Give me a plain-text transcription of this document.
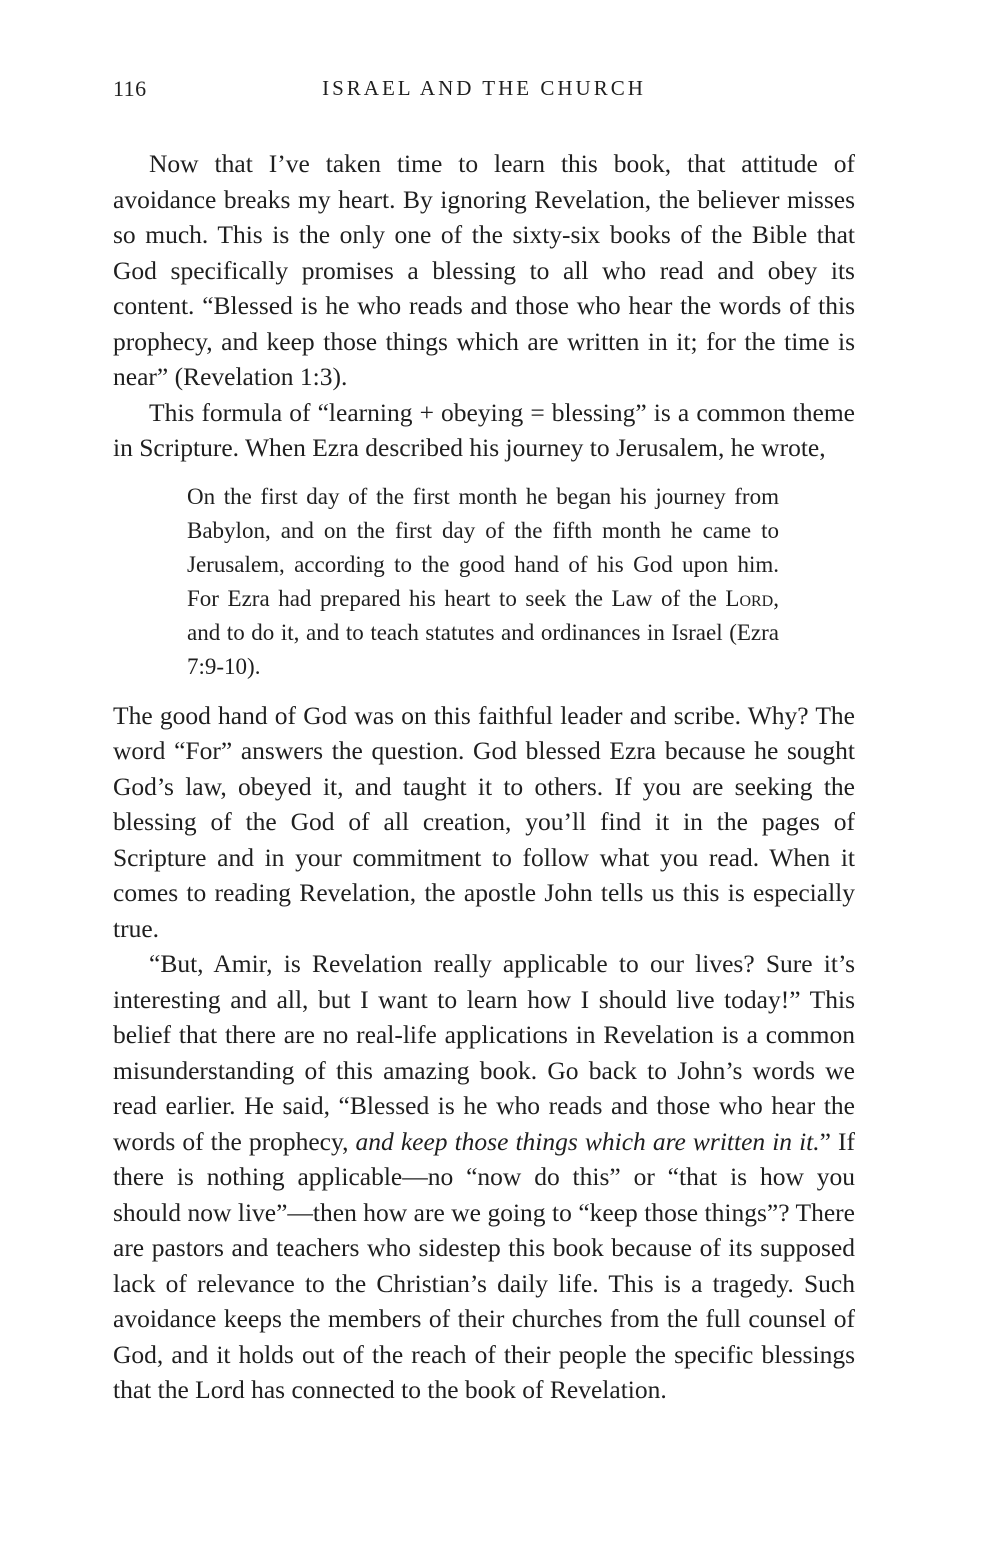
116	ISRAEL AND THE CHURCH

Now that I’ve taken time to learn this book, that attitude of avoidance breaks my heart. By ignoring Revelation, the believer misses so much. This is the only one of the sixty-six books of the Bible that God specifically promises a blessing to all who read and obey its content. “Blessed is he who reads and those who hear the words of this prophecy, and keep those things which are written in it; for the time is near” (Revelation 1:3).

This formula of “learning + obeying = blessing” is a common theme in Scripture. When Ezra described his journey to Jerusalem, he wrote,

On the first day of the first month he began his journey from Babylon, and on the first day of the fifth month he came to Jerusalem, according to the good hand of his God upon him. For Ezra had prepared his heart to seek the Law of the Lord, and to do it, and to teach statutes and ordinances in Israel (Ezra 7:9-10).

The good hand of God was on this faithful leader and scribe. Why? The word “For” answers the question. God blessed Ezra because he sought God’s law, obeyed it, and taught it to others. If you are seeking the blessing of the God of all creation, you’ll find it in the pages of Scripture and in your commitment to follow what you read. When it comes to reading Revelation, the apostle John tells us this is especially true.

“But, Amir, is Revelation really applicable to our lives? Sure it’s interesting and all, but I want to learn how I should live today!” This belief that there are no real-life applications in Revelation is a common misunderstanding of this amazing book. Go back to John’s words we read earlier. He said, “Blessed is he who reads and those who hear the words of the prophecy, and keep those things which are written in it.” If there is nothing applicable—no “now do this” or “that is how you should now live”—then how are we going to “keep those things”? There are pastors and teachers who sidestep this book because of its supposed lack of relevance to the Christian’s daily life. This is a tragedy. Such avoidance keeps the members of their churches from the full counsel of God, and it holds out of the reach of their people the specific blessings that the Lord has connected to the book of Revelation.
